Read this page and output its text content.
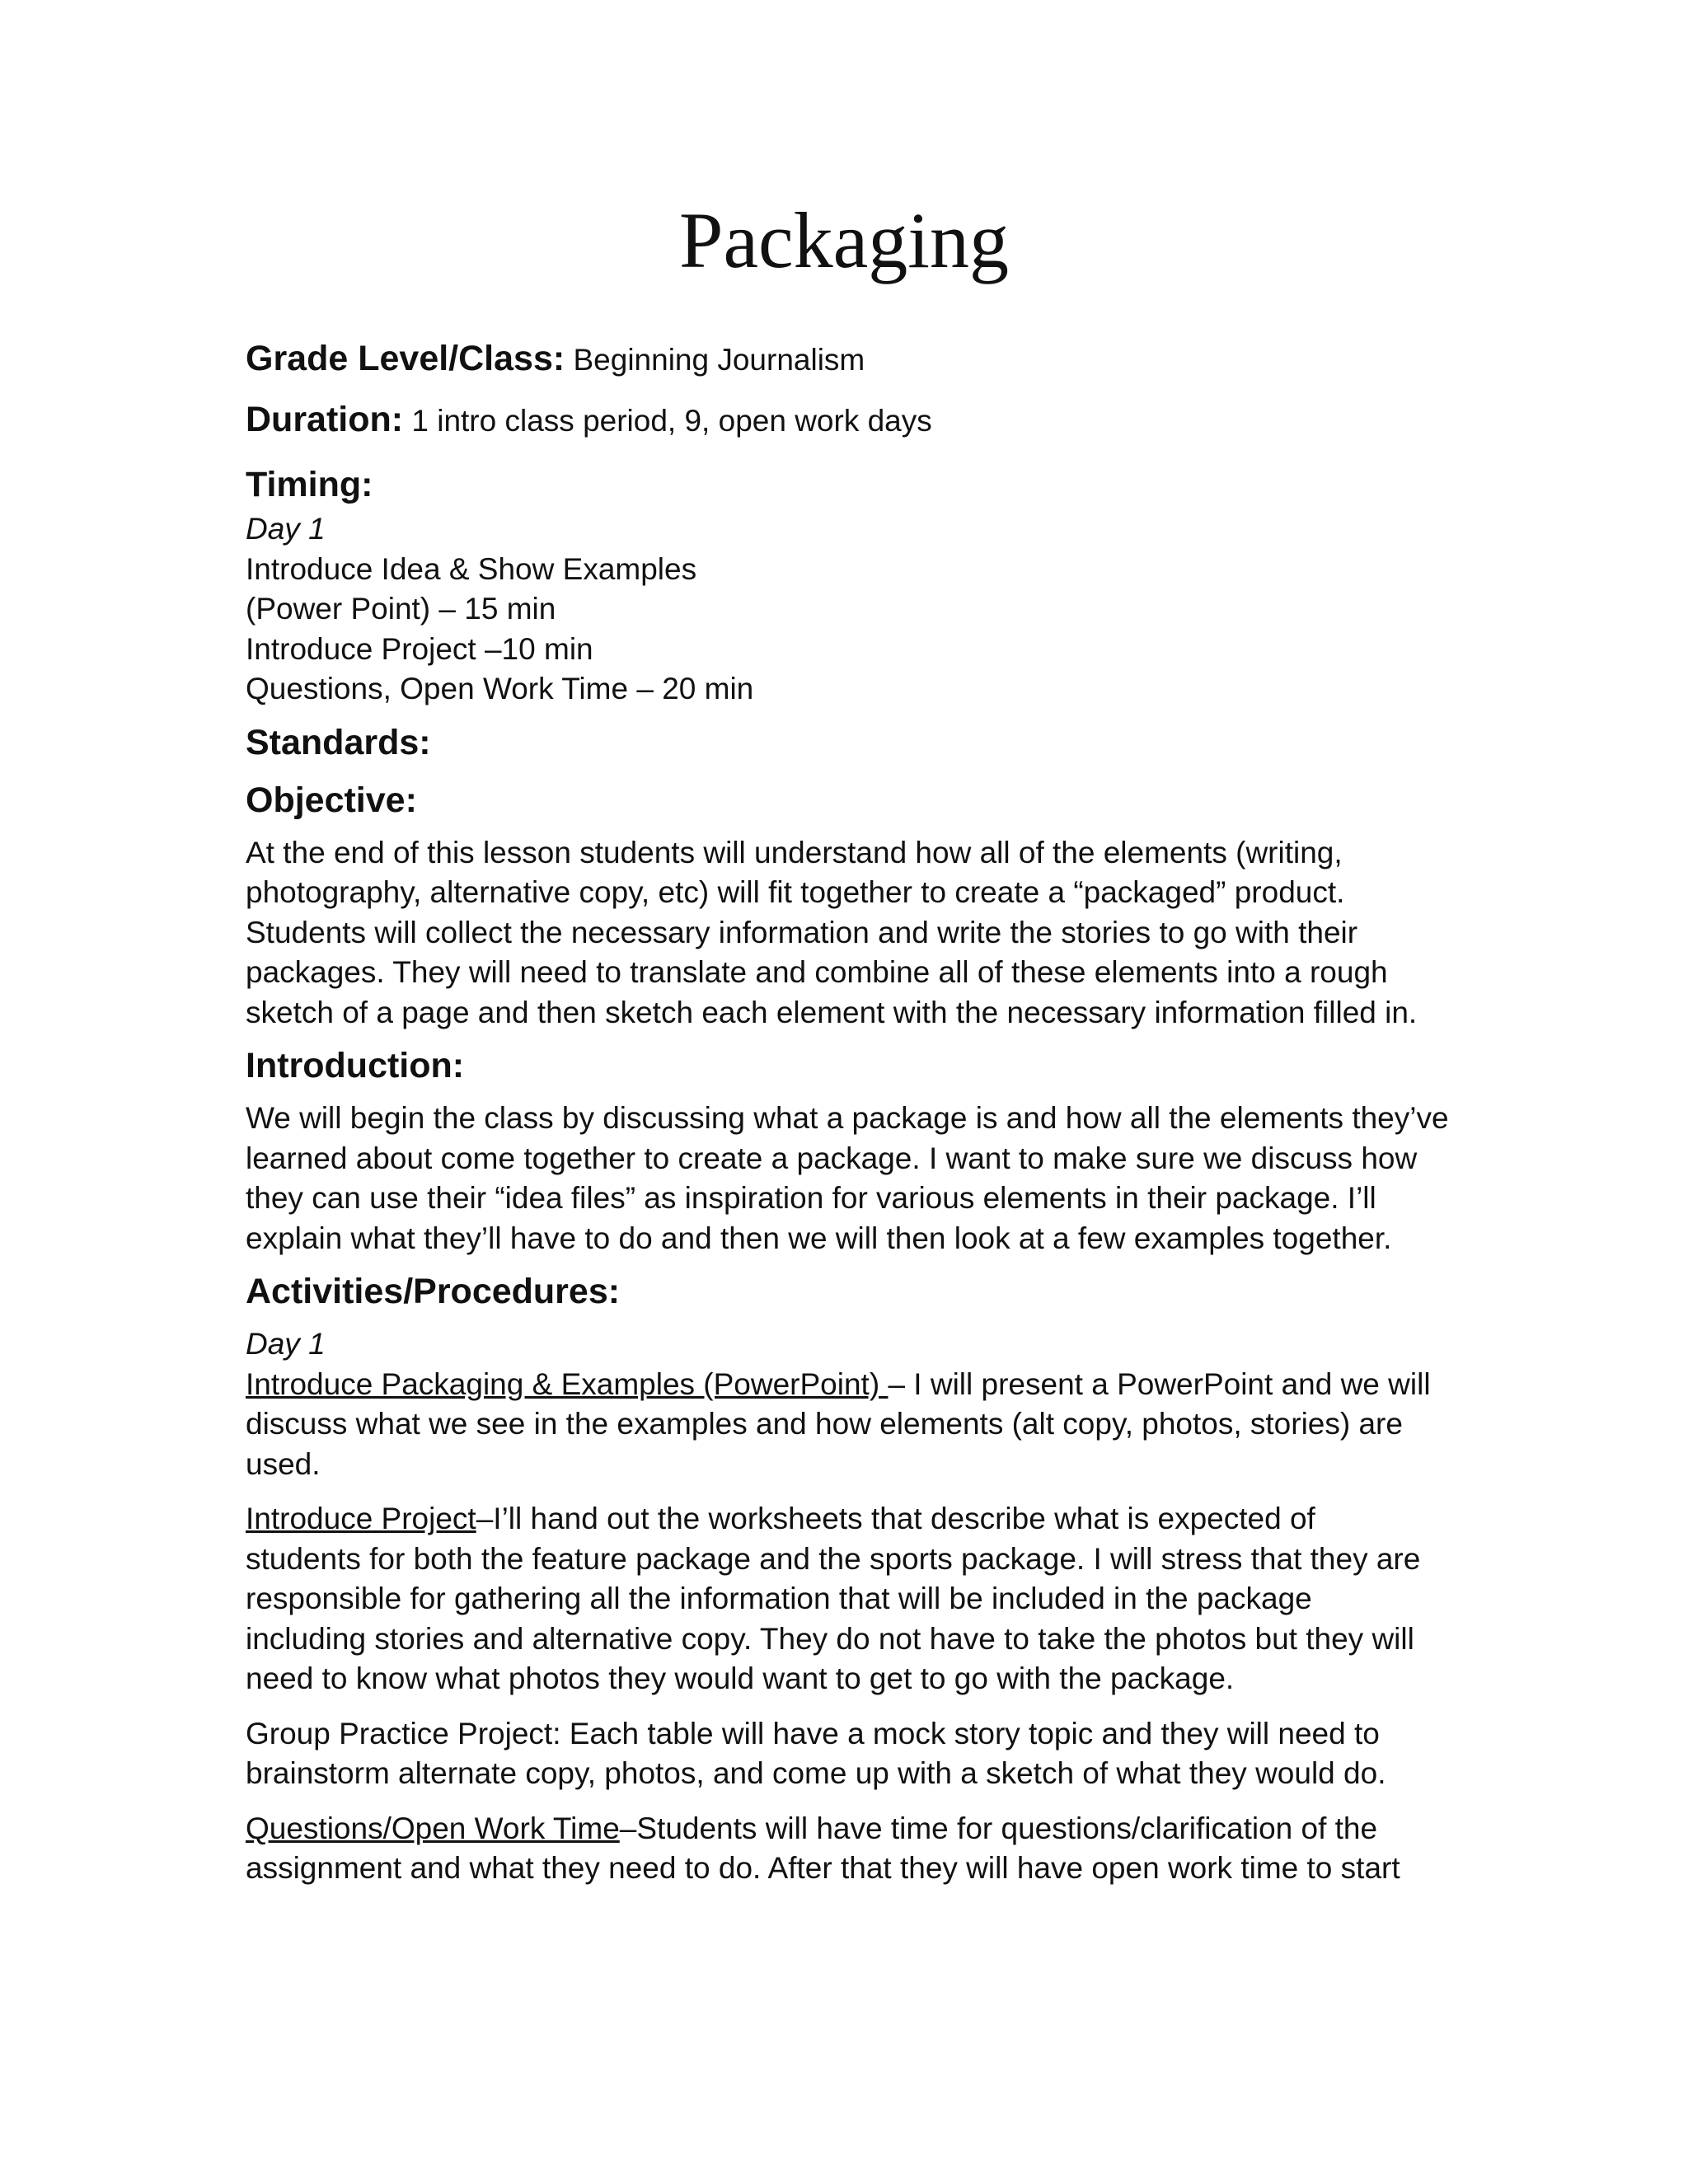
Packaging
Grade Level/Class: Beginning Journalism
Duration: 1 intro class period, 9, open work days
Timing:
Day 1
Introduce Idea & Show Examples
(Power Point) – 15 min
Introduce Project –10 min
Questions, Open Work Time – 20 min
Standards:
Objective:
At the end of this lesson students will understand how all of the elements (writing,
photography, alternative copy, etc) will fit together to create a “packaged” product.
Students will collect the necessary information and write the stories to go with their
packages. They will need to translate and combine all of these elements into a rough
sketch of a page and then sketch each element with the necessary information filled in.
Introduction:
We will begin the class by discussing what a package is and how all the elements they’ve
learned about come together to create a package. I want to make sure we discuss how
they can use their “idea files” as inspiration for various elements in their package. I’ll
explain what they’ll have to do and then we will then look at a few examples together.
Activities/Procedures:
Day 1
Introduce Packaging & Examples (PowerPoint) – I will present a PowerPoint and we will
discuss what we see in the examples and how elements (alt copy, photos, stories) are
used.
Introduce Project–I’ll hand out the worksheets that describe what is expected of
students for both the feature package and the sports package. I will stress that they are
responsible for gathering all the information that will be included in the package
including stories and alternative copy. They do not have to take the photos but they will
need to know what photos they would want to get to go with the package.
Group Practice Project: Each table will have a mock story topic and they will need to
brainstorm alternate copy, photos, and come up with a sketch of what they would do.
Questions/Open Work Time–Students will have time for questions/clarification of the
assignment and what they need to do. After that they will have open work time to start
